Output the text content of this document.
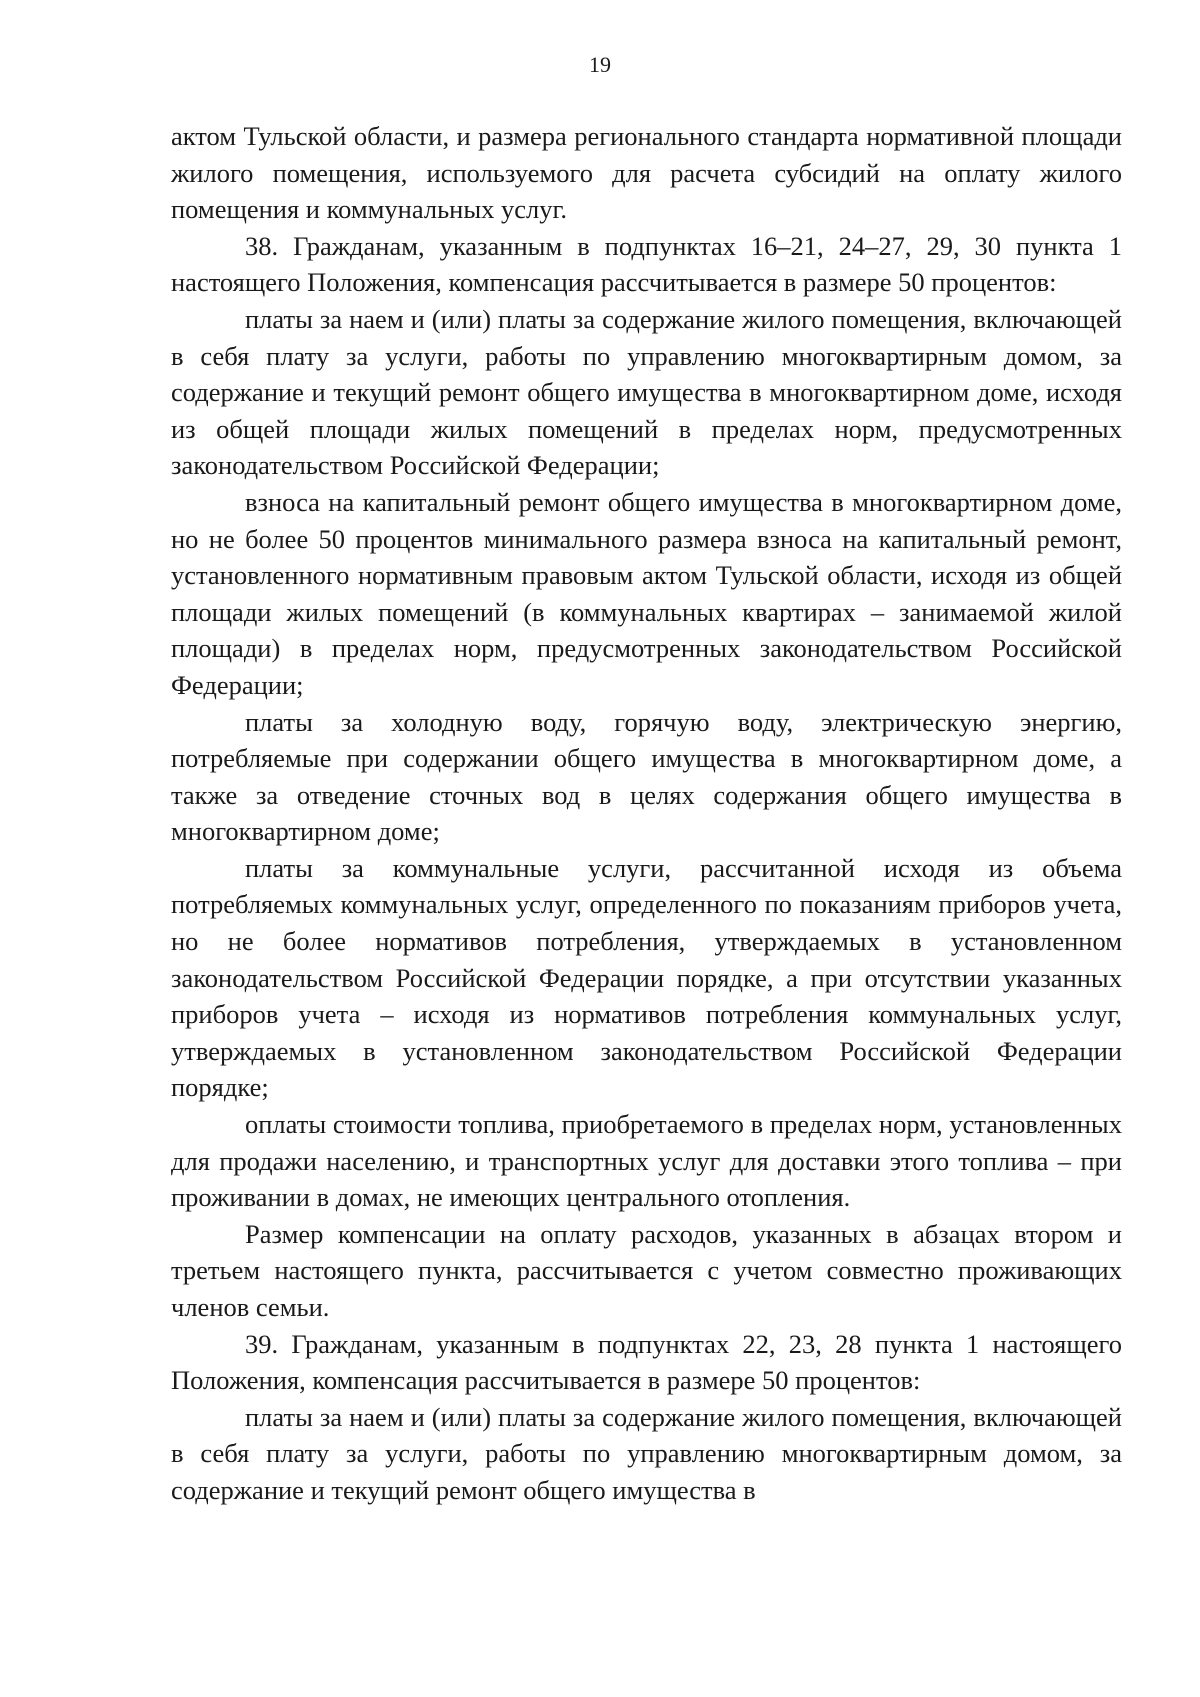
19

актом Тульской области, и размера регионального стандарта нормативной площади жилого помещения, используемого для расчета субсидий на оплату жилого помещения и коммунальных услуг.

38. Гражданам, указанным в подпунктах 16–21, 24–27, 29, 30 пункта 1 настоящего Положения, компенсация рассчитывается в размере 50 процентов:

платы за наем и (или) платы за содержание жилого помещения, включающей в себя плату за услуги, работы по управлению многоквартирным домом, за содержание и текущий ремонт общего имущества в многоквартирном доме, исходя из общей площади жилых помещений в пределах норм, предусмотренных законодательством Российской Федерации;

взноса на капитальный ремонт общего имущества в многоквартирном доме, но не более 50 процентов минимального размера взноса на капитальный ремонт, установленного нормативным правовым актом Тульской области, исходя из общей площади жилых помещений (в коммунальных квартирах – занимаемой жилой площади) в пределах норм, предусмотренных законодательством Российской Федерации;

платы за холодную воду, горячую воду, электрическую энергию, потребляемые при содержании общего имущества в многоквартирном доме, а также за отведение сточных вод в целях содержания общего имущества в многоквартирном доме;

платы за коммунальные услуги, рассчитанной исходя из объема потребляемых коммунальных услуг, определенного по показаниям приборов учета, но не более нормативов потребления, утверждаемых в установленном законодательством Российской Федерации порядке, а при отсутствии указанных приборов учета – исходя из нормативов потребления коммунальных услуг, утверждаемых в установленном законодательством Российской Федерации порядке;

оплаты стоимости топлива, приобретаемого в пределах норм, установленных для продажи населению, и транспортных услуг для доставки этого топлива – при проживании в домах, не имеющих центрального отопления.

Размер компенсации на оплату расходов, указанных в абзацах втором и третьем настоящего пункта, рассчитывается с учетом совместно проживающих членов семьи.

39. Гражданам, указанным в подпунктах 22, 23, 28 пункта 1 настоящего Положения, компенсация рассчитывается в размере 50 процентов:

платы за наем и (или) платы за содержание жилого помещения, включающей в себя плату за услуги, работы по управлению многоквартирным домом, за содержание и текущий ремонт общего имущества в
